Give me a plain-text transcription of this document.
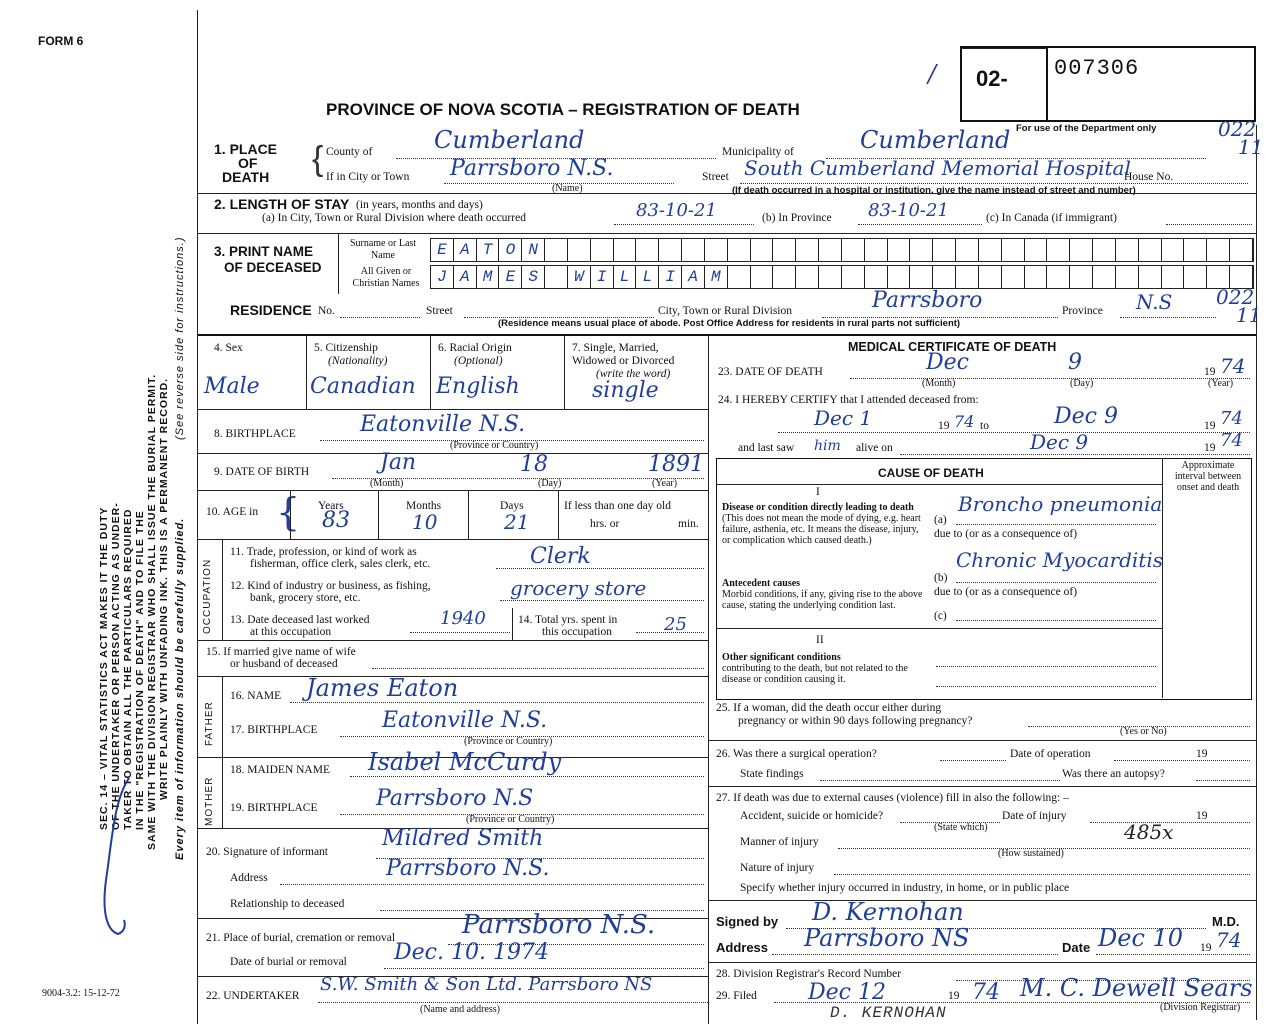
FORM 6
/ 02- 007306
PROVINCE OF NOVA SCOTIA – REGISTRATION OF DEATH
For use of the Department only
SEC. 14 – VITAL STATISTICS ACT MAKES IT THE DUTY OF THE UNDERTAKER OR PERSON ACTING AS UNDER- TAKER TO OBTAIN ALL THE PARTICULARS REQUIRED IN THE "REGISTRATION OF DEATH" AND TO FILE THE SAME WITH THE DIVISION REGISTRAR WHO SHALL ISSUE THE BURIAL PERMIT. WRITE PLAINLY WITH UNFADING INK. THIS IS A PERMANENT RECORD. Every item of information should be carefully supplied.
(See reverse side for instructions.)
9004-3.2: 15-12-72
1. PLACE
OF
DEATH { County of	Cumberland	Municipality of	Cumberland	022
11
If in City or Town Parrsboro N.S.
(Name)
Street South Cumberland Memorial Hospital
House No.
(If death occurred in a hospital or institution, give the name instead of street and number)
2. LENGTH OF STAY (in years, months and days)
(a) In City, Town or Rural Division where death occurred	83-10-21	(b) In Province 83-10-21	(c) In Canada (if immigrant)
3. PRINT NAME
OF DECEASED
Surname or Last Name
All Given or Christian Names
E A T O N
J A M E S	W I L L I A M
RESIDENCE No.	Street	City, Town or Rural Division	Parrsboro	Province N.S 022
11
(Residence means usual place of abode. Post Office Address for residents in rural parts not sufficient)
4. Sex
Male
5. Citizenship
(Nationality)
Canadian
6. Racial Origin
(Optional)
English
7. Single, Married,
Widowed or Divorced
(write the word)
single
8. BIRTHPLACE	Eatonville N.S.
(Province or Country)
9. DATE OF BIRTH	Jan	18	1891
(Month)	(Day)	(Year)
10. AGE in { Years	Months	Days
83	10	21
If less than one day old
hrs. or	min.
OCCUPATION
11. Trade, profession, or kind of work as
fisherman, office clerk, sales clerk, etc.	Clerk
12. Kind of industry or business, as fishing,
bank, grocery store, etc.	grocery store
13. Date deceased last worked
at this occupation
1940	14. Total yrs. spent in
this occupation	25
15. If married give name of wife
or husband of deceased
FATHER
16. NAME James Eaton
17. BIRTHPLACE	Eatonville N.S.
(Province or Country)
MOTHER
18. MAIDEN NAME Isabel McCurdy
19. BIRTHPLACE	Parrsboro N.S
(Province or Country)
20. Signature of informant
Mildred Smith
Address	Parrsboro N.S.
Relationship to deceased
21. Place of burial, cremation or removal	Parrsboro N.S.
Date of burial or removal Dec. 10. 1974
22. UNDERTAKER
S.W. Smith & Son Ltd. Parrsboro NS
(Name and address)
MEDICAL CERTIFICATE OF DEATH
23. DATE OF DEATH	Dec	9	19 74
(Month)	(Day)	(Year)
24. I HEREBY CERTIFY that I attended deceased from:
Dec 1	19 74 to	Dec 9	19 74
and last saw him alive on	Dec 9	19 74
CAUSE OF DEATH
Approximate interval between onset and death
I
Disease or condition directly leading to death (This does not mean the mode of dying, e.g. heart failure, asthenia, etc. It means the disease, injury, or complication which caused death.)
(a)
Broncho pneumonia
due to (or as a consequence of)
Antecedent causes
Morbid conditions, if any, giving rise to the above cause, stating the underlying condition last.
(b)
Chronic Myocarditis
due to (or as a consequence of)
(c)
II
Other significant conditions
contributing to the death, but not related to the disease or condition causing it.
25. If a woman, did the death occur either during
pregnancy or within 90 days following pregnancy?
(Yes or No)
26. Was there a surgical operation?	Date of operation	19
State findings	Was there an autopsy?
27. If death was due to external causes (violence) fill in also the following: –
Accident, suicide or homicide?
(State which)
Date of injury	19
485x
Manner of injury
(How sustained)
Nature of injury
Specify whether injury occurred in industry, in home, or in public place
Signed by D. Kernohan	M.D.
Address Parrsboro NS	Date Dec 10 19 74
28. Division Registrar's Record Number
29. Filed Dec 12	19 74 M. C. Dewell Sears
(Division Registrar)
D. KERNOHAN
